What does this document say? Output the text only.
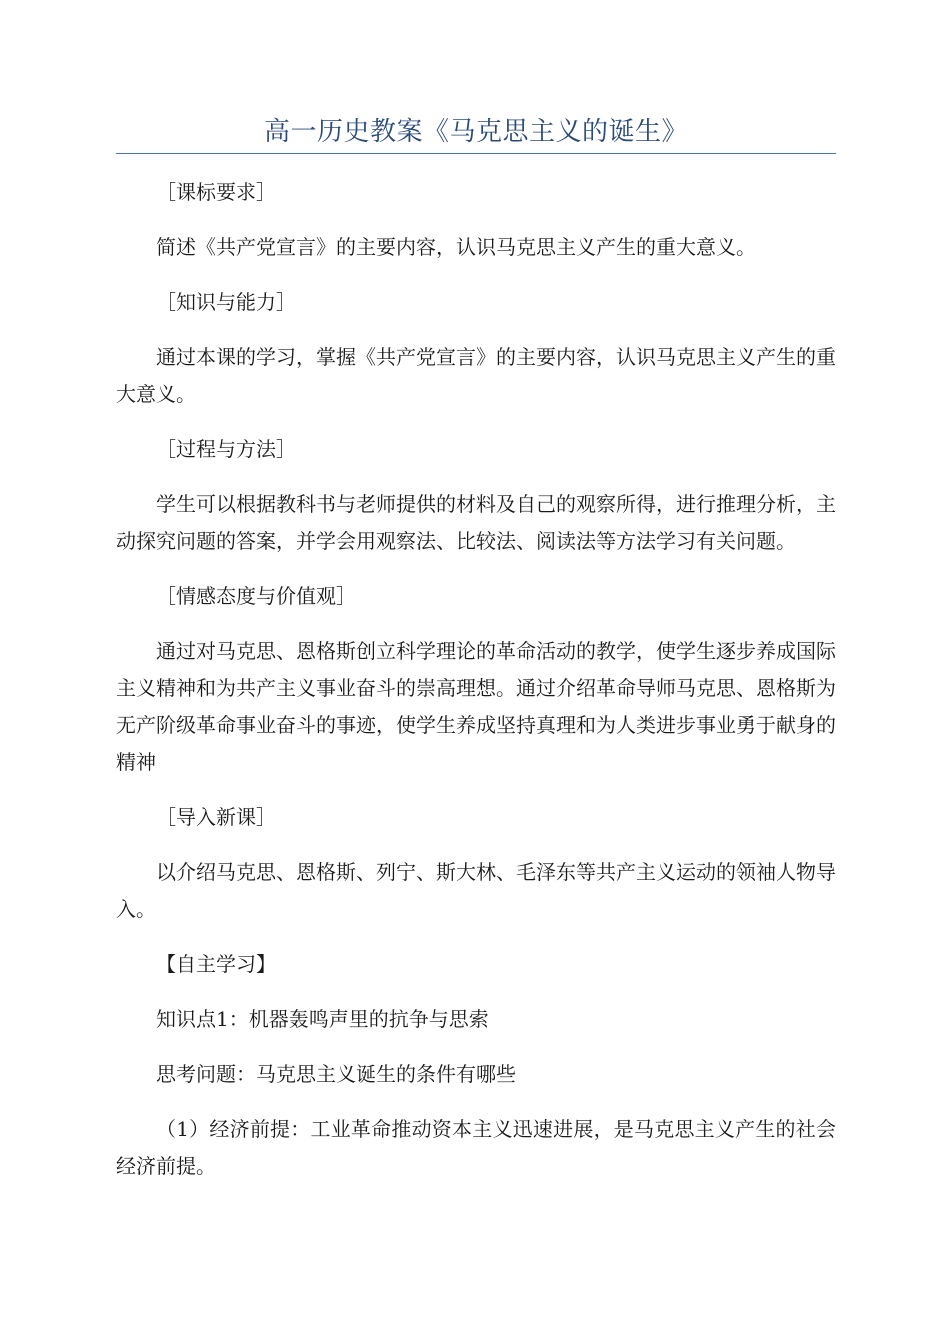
高一历史教案《马克思主义的诞生》

［课标要求］

简述《共产党宣言》的主要内容，认识马克思主义产生的重大意义。

［知识与能力］

通过本课的学习，掌握《共产党宣言》的主要内容，认识马克思主义产生的重大意义。

［过程与方法］

学生可以根据教科书与老师提供的材料及自己的观察所得，进行推理分析，主动探究问题的答案，并学会用观察法、比较法、阅读法等方法学习有关问题。

［情感态度与价值观］

通过对马克思、恩格斯创立科学理论的革命活动的教学，使学生逐步养成国际主义精神和为共产主义事业奋斗的崇高理想。通过介绍革命导师马克思、恩格斯为无产阶级革命事业奋斗的事迹，使学生养成坚持真理和为人类进步事业勇于献身的精神

［导入新课］

以介绍马克思、恩格斯、列宁、斯大林、毛泽东等共产主义运动的领袖人物导入。

【自主学习】

知识点1：机器轰鸣声里的抗争与思索

思考问题：马克思主义诞生的条件有哪些

（1）经济前提：工业革命推动资本主义迅速进展，是马克思主义产生的社会经济前提。
